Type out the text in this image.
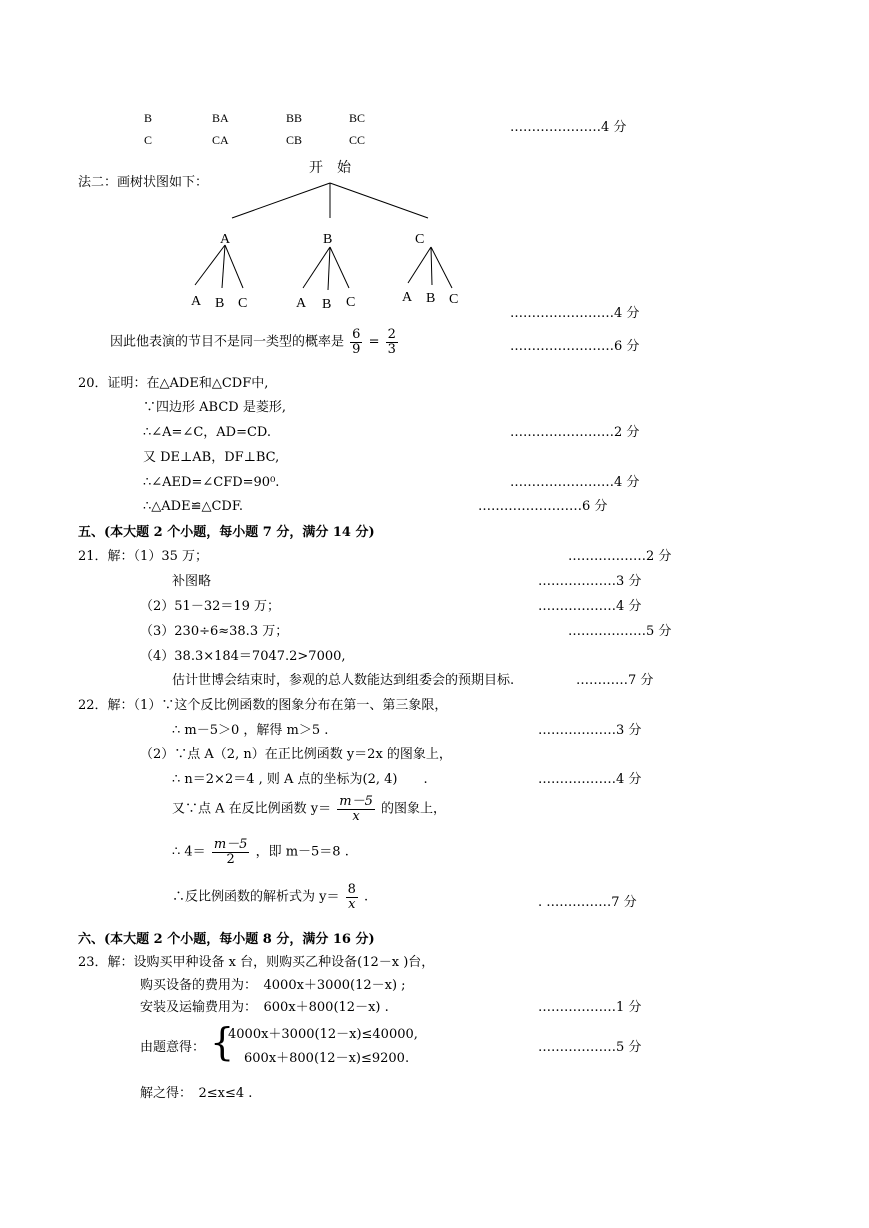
B	BA	BB	BC
C	CA	CB	CC
…………………4 分
法二：画树状图如下：
开　始
A	B	C
A B C	A B C	A B C
……………………4 分
因此他表演的节目不是同一类型的概率是 $\frac{6}{9} = \frac{2}{3}$	……………………6 分
20．证明：在△ADE和△CDF中,
∵四边形 ABCD 是菱形,
∴∠A=∠C，AD=CD.	……………………2 分
又 DE⊥AB，DF⊥BC,
∴∠AED=∠CFD=90⁰.	……………………4 分
∴△ADE≌△CDF.	……………………6 分
五、(本大题 2 个小题，每小题 7 分，满分 14 分)
21．解：（1）35 万；	………………2 分
补图略	………………3 分
（2）51－32＝19 万；	………………4 分
（3）230÷6≈38.3 万；	………………5 分
（4）38.3×184＝7047.2>7000,
估计世博会结束时，参观的总人数能达到组委会的预期目标.	…………7 分
22．解：（1）∵这个反比例函数的图象分布在第一、第三象限，
∴ m－5＞0 ，解得 m＞5 .	………………3 分
（2）∵点 A（2, n）在正比例函数 y＝2x 的图象上，
∴ n＝2×2＝4 , 则 A 点的坐标为(2, 4)　　.	………………4 分
又∵点 A 在反比例函数 $y= \frac{m-5}{x}$ 的图象上，
∴ $4= \frac{m-5}{2}$ ，即 m－5＝8 .
∴反比例函数的解析式为 $y= \frac{8}{x}$ .	. ……………7 分
六、(本大题 2 个小题，每小题 8 分，满分 16 分)
23．解：设购买甲种设备 x 台，则购买乙种设备(12－x )台，
购买设备的费用为：　4000x＋3000(12－x) ;
安装及运输费用为：　600x＋800(12－x) .	………………1 分
由题意得： {
4000x＋3000(12－x)≤40000,
600x＋800(12－x)≤9200.
………………5 分
解之得：　2≤x≤4 .
